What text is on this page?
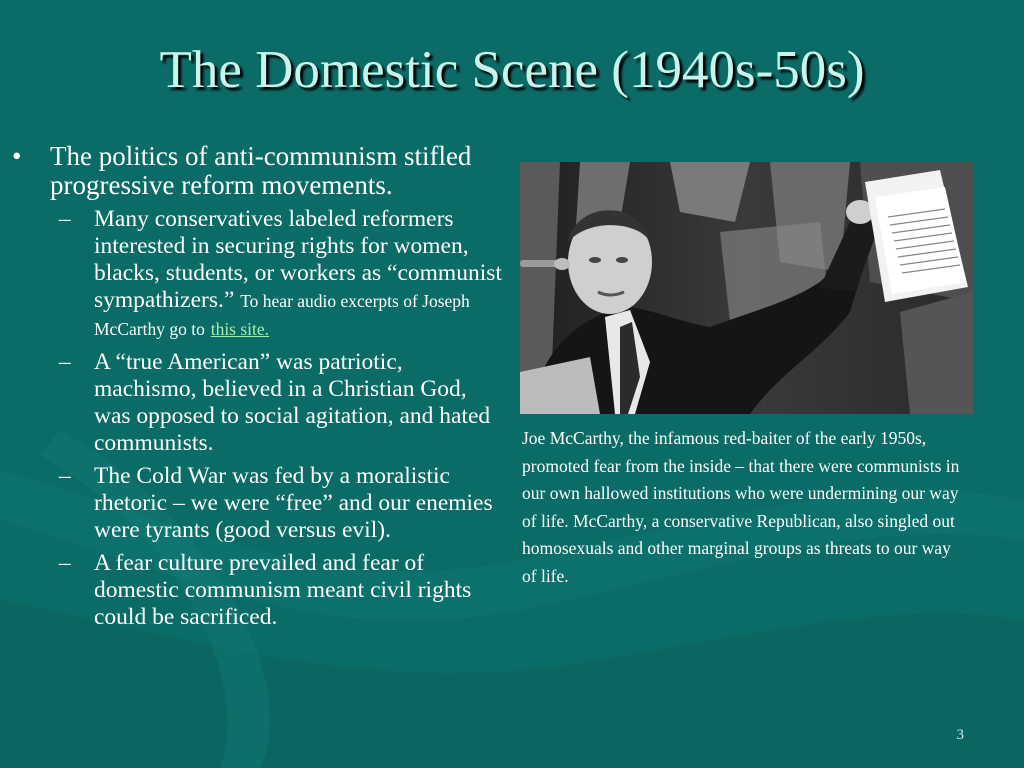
The Domestic Scene (1940s-50s)
•	The politics of anti-communism stifled progressive reform movements.
– Many conservatives labeled reformers interested in securing rights for women, blacks, students, or workers as “communist sympathizers.” To hear audio excerpts of Joseph McCarthy go to this site.
– A “true American” was patriotic, machismo, believed in a Christian God, was opposed to social agitation, and hated communists.
– The Cold War was fed by a moralistic rhetoric – we were “free” and our enemies were tyrants (good versus evil).
– A fear culture prevailed and fear of domestic communism meant civil rights could be sacrificed.
Joe McCarthy, the infamous red-baiter of the early 1950s, promoted fear from the inside – that there were communists in our own hallowed institutions who were undermining our way of life. McCarthy, a conservative Republican, also singled out homosexuals and other marginal groups as threats to our way of life.
3
